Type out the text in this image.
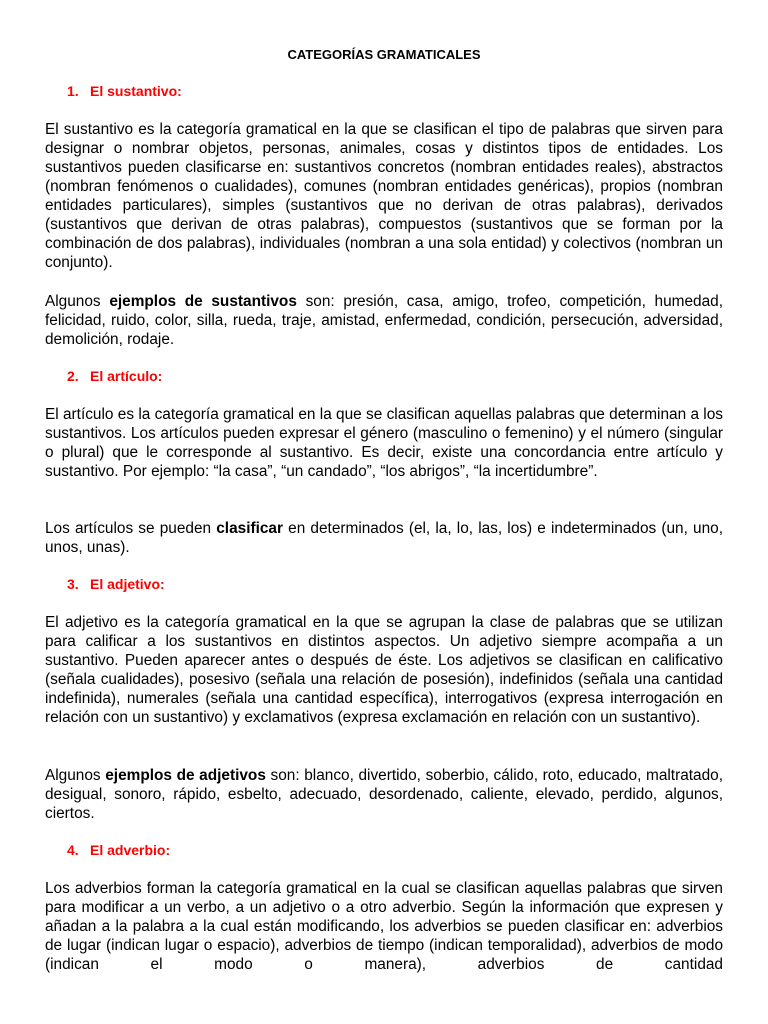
CATEGORÍAS GRAMATICALES
1. El sustantivo:

El sustantivo es la categoría gramatical en la que se clasifican el tipo de palabras que sirven para designar o nombrar objetos, personas, animales, cosas y distintos tipos de entidades. Los sustantivos pueden clasificarse en: sustantivos concretos (nombran entidades reales), abstractos (nombran fenómenos o cualidades), comunes (nombran entidades genéricas), propios (nombran entidades particulares), simples (sustantivos que no derivan de otras palabras), derivados (sustantivos que derivan de otras palabras), compuestos (sustantivos que se forman por la combinación de dos palabras), individuales (nombran a una sola entidad) y colectivos (nombran un conjunto).

Algunos ejemplos de sustantivos son: presión, casa, amigo, trofeo, competición, humedad, felicidad, ruido, color, silla, rueda, traje, amistad, enfermedad, condición, persecución, adversidad, demolición, rodaje.

2. El artículo:

El artículo es la categoría gramatical en la que se clasifican aquellas palabras que determinan a los sustantivos. Los artículos pueden expresar el género (masculino o femenino) y el número (singular o plural) que le corresponde al sustantivo. Es decir, existe una concordancia entre artículo y sustantivo. Por ejemplo: “la casa”, “un candado”, “los abrigos”, “la incertidumbre”.

Los artículos se pueden clasificar en determinados (el, la, lo, las, los) e indeterminados (un, uno, unos, unas).

3. El adjetivo:

El adjetivo es la categoría gramatical en la que se agrupan la clase de palabras que se utilizan para calificar a los sustantivos en distintos aspectos. Un adjetivo siempre acompaña a un sustantivo. Pueden aparecer antes o después de éste. Los adjetivos se clasifican en calificativo (señala cualidades), posesivo (señala una relación de posesión), indefinidos (señala una cantidad indefinida), numerales (señala una cantidad específica), interrogativos (expresa interrogación en relación con un sustantivo) y exclamativos (expresa exclamación en relación con un sustantivo).

Algunos ejemplos de adjetivos son: blanco, divertido, soberbio, cálido, roto, educado, maltratado, desigual, sonoro, rápido, esbelto, adecuado, desordenado, caliente, elevado, perdido, algunos, ciertos.

4. El adverbio:

Los adverbios forman la categoría gramatical en la cual se clasifican aquellas palabras que sirven para modificar a un verbo, a un adjetivo o a otro adverbio. Según la información que expresen y añadan a la palabra a la cual están modificando, los adverbios se pueden clasificar en: adverbios de lugar (indican lugar o espacio), adverbios de tiempo (indican temporalidad), adverbios de modo (indican el modo o manera), adverbios de cantidad
